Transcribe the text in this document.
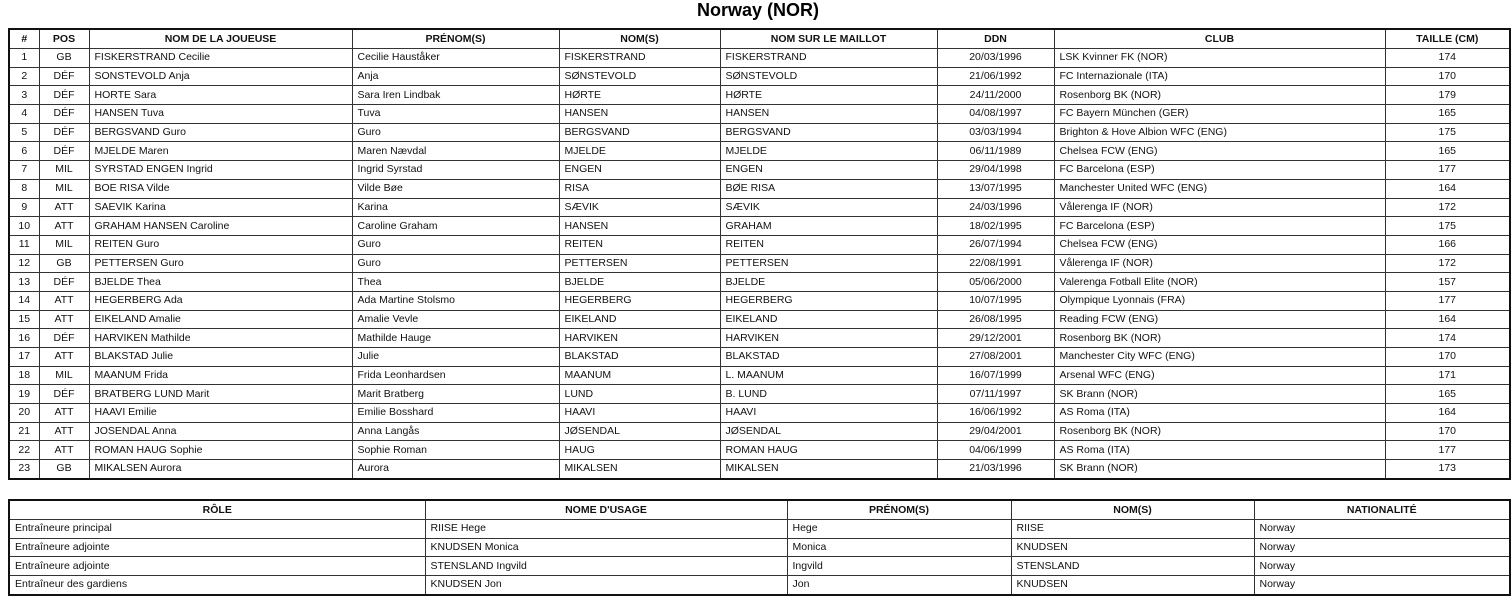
Norway (NOR)
#	POS	NOM DE LA JOUEUSE	PRÉNOM(S)	NOM(S)	NOM SUR LE MAILLOT	DDN	CLUB	TAILLE (CM)
1	GB	FISKERSTRAND Cecilie	Cecilie Hauståker	FISKERSTRAND	FISKERSTRAND	20/03/1996	LSK Kvinner FK (NOR)	174
2	DÉF	SONSTEVOLD Anja	Anja	SØNSTEVOLD	SØNSTEVOLD	21/06/1992	FC Internazionale (ITA)	170
3	DÉF	HORTE Sara	Sara Iren Lindbak	HØRTE	HØRTE	24/11/2000	Rosenborg BK (NOR)	179
4	DÉF	HANSEN Tuva	Tuva	HANSEN	HANSEN	04/08/1997	FC Bayern München (GER)	165
5	DÉF	BERGSVAND Guro	Guro	BERGSVAND	BERGSVAND	03/03/1994	Brighton & Hove Albion WFC (ENG)	175
6	DÉF	MJELDE Maren	Maren Nævdal	MJELDE	MJELDE	06/11/1989	Chelsea FCW (ENG)	165
7	MIL	SYRSTAD ENGEN Ingrid	Ingrid Syrstad	ENGEN	ENGEN	29/04/1998	FC Barcelona (ESP)	177
8	MIL	BOE RISA Vilde	Vilde Bøe	RISA	BØE RISA	13/07/1995	Manchester United WFC (ENG)	164
9	ATT	SAEVIK Karina	Karina	SÆVIK	SÆVIK	24/03/1996	Vålerenga IF (NOR)	172
10	ATT	GRAHAM HANSEN Caroline	Caroline Graham	HANSEN	GRAHAM	18/02/1995	FC Barcelona (ESP)	175
11	MIL	REITEN Guro	Guro	REITEN	REITEN	26/07/1994	Chelsea FCW (ENG)	166
12	GB	PETTERSEN Guro	Guro	PETTERSEN	PETTERSEN	22/08/1991	Vålerenga IF (NOR)	172
13	DÉF	BJELDE Thea	Thea	BJELDE	BJELDE	05/06/2000	Valerenga Fotball Elite (NOR)	157
14	ATT	HEGERBERG Ada	Ada Martine Stolsmo	HEGERBERG	HEGERBERG	10/07/1995	Olympique Lyonnais (FRA)	177
15	ATT	EIKELAND Amalie	Amalie Vevle	EIKELAND	EIKELAND	26/08/1995	Reading FCW (ENG)	164
16	DÉF	HARVIKEN Mathilde	Mathilde Hauge	HARVIKEN	HARVIKEN	29/12/2001	Rosenborg BK (NOR)	174
17	ATT	BLAKSTAD Julie	Julie	BLAKSTAD	BLAKSTAD	27/08/2001	Manchester City WFC (ENG)	170
18	MIL	MAANUM Frida	Frida Leonhardsen	MAANUM	L. MAANUM	16/07/1999	Arsenal WFC (ENG)	171
19	DÉF	BRATBERG LUND Marit	Marit Bratberg	LUND	B. LUND	07/11/1997	SK Brann (NOR)	165
20	ATT	HAAVI Emilie	Emilie Bosshard	HAAVI	HAAVI	16/06/1992	AS Roma (ITA)	164
21	ATT	JOSENDAL Anna	Anna Langås	JØSENDAL	JØSENDAL	29/04/2001	Rosenborg BK (NOR)	170
22	ATT	ROMAN HAUG Sophie	Sophie Roman	HAUG	ROMAN HAUG	04/06/1999	AS Roma (ITA)	177
23	GB	MIKALSEN Aurora	Aurora	MIKALSEN	MIKALSEN	21/03/1996	SK Brann (NOR)	173
RÔLE	NOME D'USAGE	PRÉNOM(S)	NOM(S)	NATIONALITÉ
Entraîneure principal	RIISE Hege	Hege	RIISE	Norway
Entraîneure adjointe	KNUDSEN Monica	Monica	KNUDSEN	Norway
Entraîneure adjointe	STENSLAND Ingvild	Ingvild	STENSLAND	Norway
Entraîneur des gardiens	KNUDSEN Jon	Jon	KNUDSEN	Norway
